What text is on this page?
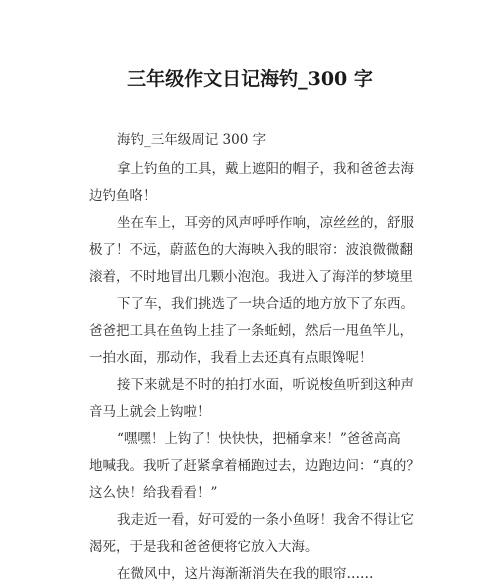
三年级作文日记海钓_300 字
海钓_三年级周记 300 字
拿上钓鱼的工具，戴上遮阳的帽子，我和爸爸去海
边钓鱼咯！
坐在车上，耳旁的风声呼呼作响，凉丝丝的，舒服
极了！不远，蔚蓝色的大海映入我的眼帘：波浪微微翻
滚着，不时地冒出几颗小泡泡。我进入了海洋的梦境里
下了车，我们挑选了一块合适的地方放下了东西。
爸爸把工具在鱼钩上挂了一条蚯蚓，然后一甩鱼竿儿，
一拍水面，那动作，我看上去还真有点眼馋呢！
接下来就是不时的拍打水面，听说梭鱼听到这种声
音马上就会上钩啦！
“嘿嘿！上钩了！快快快，把桶拿来！”爸爸高高
地喊我。我听了赶紧拿着桶跑过去，边跑边问：“真的？
这么快！给我看看！”
我走近一看，好可爱的一条小鱼呀！我舍不得让它
渴死，于是我和爸爸便将它放入大海。
在微风中，这片海渐渐消失在我的眼帘……
